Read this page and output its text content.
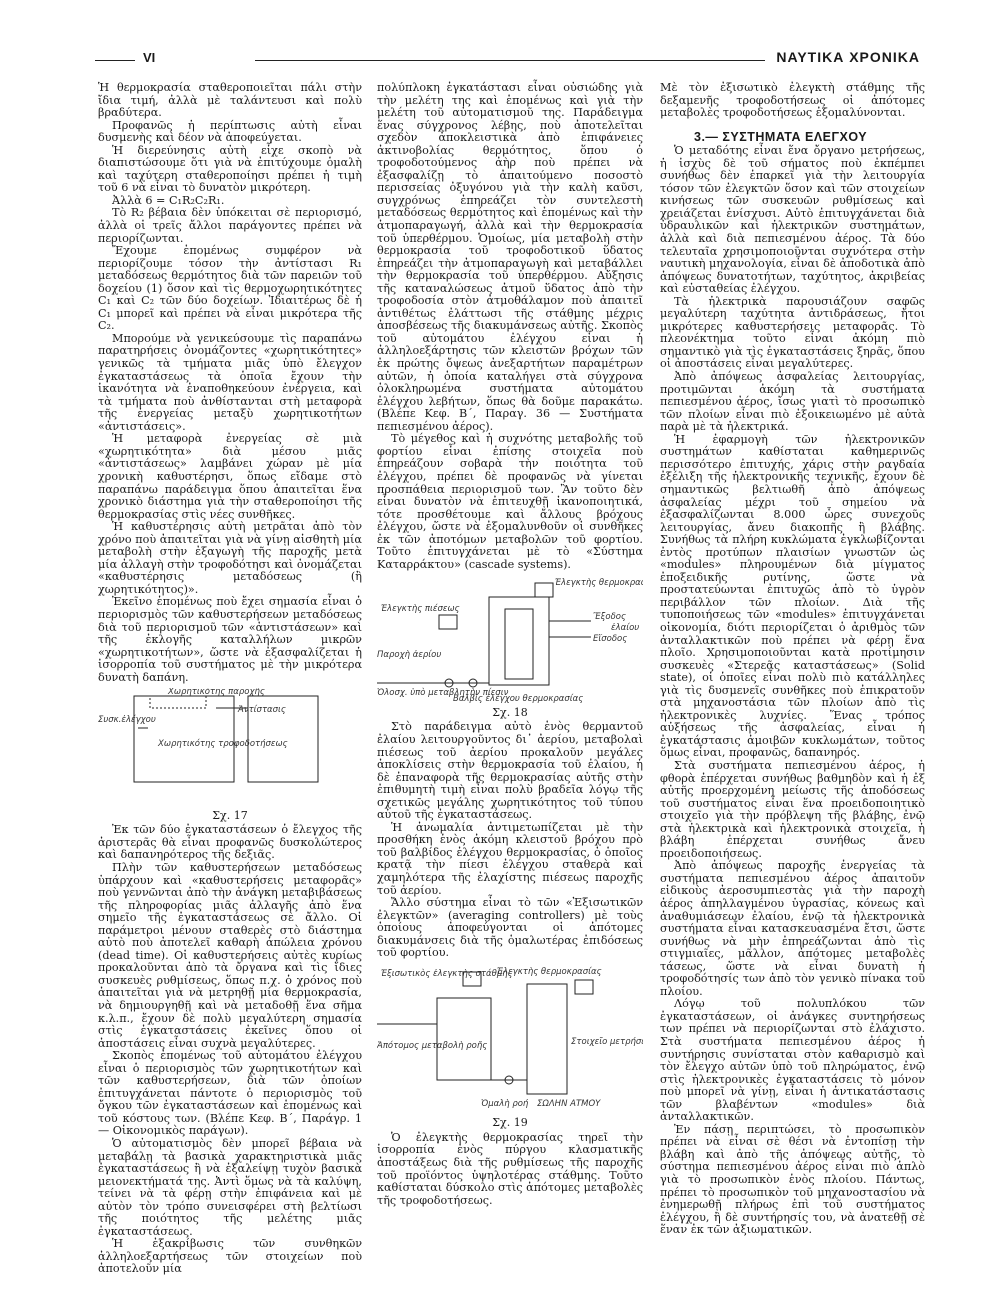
VI	ΝΑΥΤΙΚΑ ΧΡΟΝΙΚΑ

Ἡ θερμοκρασία σταθεροποιεῖται πάλι στὴν ἴδια τιμή, ἀλλὰ μὲ ταλάντευσι καὶ πολὺ βραδύτερα.

Προφανῶς ἡ περίπτωσις αὐτὴ εἶναι δυσμενὴς καὶ δέον νὰ ἀποφεύγεται.

Ἡ διερεύνησις αὐτὴ εἶχε σκοπὸ νὰ διαπιστώσουμε ὅτι γιὰ νὰ ἐπιτύχουμε ὁμαλὴ καὶ ταχύτερη σταθεροποίησι πρέπει ἡ τιμὴ τοῦ 6 νὰ εἶναι τὸ δυνατὸν μικρότερη.

Ἀλλὰ 6 = C₁R₂C₂R₁.

Τὸ R₂ βέβαια δὲν ὑπόκειται σὲ περιορισμό, ἀλλὰ οἱ τρεῖς ἄλλοι παράγοντες πρέπει νὰ περιορίζωνται.

Ἔχουμε ἑπομένως συμφέρον νὰ περιορίζουμε τόσον τὴν ἀντίστασι R₁ μεταδόσεως θερμότητος διὰ τῶν παρειῶν τοῦ δοχείου (1) ὅσον καὶ τὶς θερμοχωρητικότητες C₁ καὶ C₂ τῶν δύο δοχείων. Ἰδιαιτέρως δὲ ἡ C₁ μπορεῖ καὶ πρέπει νὰ εἶναι μικρότερα τῆς C₂.

Μπορούμε νὰ γενικεύσουμε τὶς παραπάνω παρατηρήσεις ὀνομάζοντες «χωρητικότητες» γενικῶς τὰ τμήματα μιᾶς ὑπὸ ἔλεγχον ἐγκαταστάσεως τὰ ὁποῖα ἔχουν τὴν ἱκανότητα νὰ ἐναποθηκεύουν ἐνέργεια, καὶ τὰ τμήματα ποὺ ἀνθίστανται στὴ μεταφορὰ τῆς ἐνεργείας μεταξὺ χωρητικοτήτων «ἀντιστάσεις».

Ἡ μεταφορὰ ἐνεργείας σὲ μιὰ «χωρητικότητα» διὰ μέσου μιᾶς «ἀντιστάσεως» λαμβάνει χώραν μὲ μία χρονικὴ καθυστέρησι, ὅπως εἴδαμε στὸ παραπάνω παράδειγμα ὅπου ἀπαιτεῖται ἕνα χρονικὸ διάστημα γιὰ τὴν σταθεροποίησι τῆς θερμοκρασίας στὶς νέες συνθῆκες.

Ἡ καθυστέρησις αὐτὴ μετρᾶται ἀπὸ τὸν χρόνο ποὺ ἀπαιτεῖται γιὰ νὰ γίνῃ αἰσθητὴ μία μεταβολὴ στὴν ἐξαγωγὴ τῆς παροχῆς μετὰ μία ἀλλαγὴ στὴν τροφοδότησι καὶ ὀνομάζεται «καθυστέρησις μεταδόσεως (ἢ χωρητικότητος)».

Ἐκεῖνο ἑπομένως ποὺ ἔχει σημασία εἶναι ὁ περιορισμὸς τῶν καθυστερήσεων μεταδόσεως διὰ τοῦ περιορισμοῦ τῶν «ἀντιστάσεων» καὶ τῆς ἐκλογῆς καταλλήλων μικρῶν «χωρητικοτήτων», ὥστε νὰ ἐξασφαλίζεται ἡ ἰσορροπία τοῦ συστήματος μὲ τὴν μικρότερα δυνατὴ δαπάνη.

Χωρητικότης παροχῆς
Ἀντίστασις
Συσκ.ἐλέγχου
Χωρητικότης τροφοδοτήσεως
Σχ. 17

Ἐκ τῶν δύο ἐγκαταστάσεων ὁ ἔλεγχος τῆς ἀριστερᾶς θὰ εἶναι προφανῶς δυσκολώτερος καὶ δαπανηρότερος τῆς δεξιᾶς.

Πλὴν τῶν καθυστερήσεων μεταδόσεως ὑπάρχουν καὶ «καθυστερήσεις μεταφορᾶς» ποὺ γεννῶνται ἀπὸ τὴν ἀνάγκη μεταβιβάσεως τῆς πληροφορίας μιᾶς ἀλλαγῆς ἀπὸ ἕνα σημεῖο τῆς ἐγκαταστάσεως σὲ ἄλλο. Οἱ παράμετροι μένουν σταθερὲς στὸ διάστημα αὐτὸ ποὺ ἀποτελεῖ καθαρὴ ἀπώλεια χρόνου (dead time). Οἱ καθυστερήσεις αὐτὲς κυρίως προκαλοῦνται ἀπὸ τὰ ὄργανα καὶ τὶς ἴδιες συσκευὲς ρυθμίσεως, ὅπως π.χ. ὁ χρόνος ποὺ ἀπαιτεῖται γιὰ νὰ μετρηθῇ μία θερμοκρασία, νὰ δημιουργηθῇ καὶ νὰ μεταδοθῇ ἕνα σῆμα κ.λ.π., ἔχουν δὲ πολὺ μεγαλύτερη σημασία στὶς ἐγκαταστάσεις ἐκεῖνες ὅπου οἱ ἀποστάσεις εἶναι συχνὰ μεγαλύτερες.

Σκοπὸς ἑπομένως τοῦ αὐτομάτου ἐλέγχου εἶναι ὁ περιορισμὸς τῶν χωρητικοτήτων καὶ τῶν καθυστερήσεων, διὰ τῶν ὁποίων ἐπιτυγχάνεται πάντοτε ὁ περιορισμὸς τοῦ ὄγκου τῶν ἐγκαταστάσεων καὶ ἑπομένως καὶ τοῦ κόστους των. (Βλέπε Κεφ. Β΄, Παράγρ. 1 — Οἰκονομικὸς παράγων).

Ὁ αὐτοματισμὸς δὲν μπορεῖ βέβαια νὰ μεταβάλῃ τὰ βασικὰ χαρακτηριστικὰ μιᾶς ἐγκαταστάσεως ἢ νὰ ἐξαλείψῃ τυχὸν βασικὰ μειονεκτήματά της. Ἀντὶ ὅμως νὰ τὰ καλύψη, τείνει νὰ τὰ φέρῃ στὴν ἐπιφάνεια καὶ μὲ αὐτὸν τὸν τρόπο συνεισφέρει στὴ βελτίωσι τῆς ποιότητος τῆς μελέτης μιᾶς ἐγκαταστάσεως.

Ἡ ἐξακρίβωσις τῶν συνθηκῶν ἀλληλοεξαρτήσεως τῶν στοιχείων ποὺ ἀποτελοῦν μία

πολύπλοκη ἐγκατάστασι εἶναι οὐσιώδης γιὰ τὴν μελέτη της καὶ ἑπομένως καὶ γιὰ τὴν μελέτη τοῦ αὐτοματισμοῦ της. Παράδειγμα ἕνας σύγχρονος λέβης, ποὺ ἀποτελεῖται σχεδὸν ἀποκλειστικὰ ἀπὸ ἐπιφάνειες ἀκτινοβολίας θερμότητος, ὅπου ὁ τροφοδοτούμενος ἀὴρ ποὺ πρέπει νὰ ἐξασφαλίζῃ τὸ ἀπαιτούμενο ποσοστὸ περισσείας ὀξυγόνου γιὰ τὴν καλὴ καῦσι, συγχρόνως ἐπηρεάζει τὸν συντελεστὴ μεταδόσεως θερμότητος καὶ ἑπομένως καὶ τὴν ἀτμοπαραγωγή, ἀλλὰ καὶ τὴν θερμοκρασία τοῦ ὑπερθέρμου. Ὁμοίως, μία μεταβολὴ στὴν θερμοκρασία τοῦ τροφοδοτικοῦ ὕδατος ἐπηρεάζει τὴν ἀτμοπαραγωγὴ καὶ μεταβάλλει τὴν θερμοκρασία τοῦ ὑπερθέρμου. Αὔξησις τῆς καταναλώσεως ἀτμοῦ ὕδατος ἀπὸ τὴν τροφοδοσία στὸν ἀτμοθάλαμον ποὺ ἀπαιτεῖ ἀντιθέτως ἐλάττωσι τῆς στάθμης μέχρις ἀποσβέσεως τῆς διακυμάνσεως αὐτῆς. Σκοπὸς τοῦ αὐτομάτου ἐλέγχου εἶναι ἡ ἀλληλοεξάρτησις τῶν κλειστῶν βρόχων τῶν ἐκ πρώτης ὄψεως ἀνεξαρτήτων παραμέτρων αὐτῶν, ἡ ὁποία καταλήγει στὰ σύγχρονα ὁλοκληρωμένα συστήματα αὐτομάτου ἐλέγχου λεβήτων, ὅπως θὰ δοῦμε παρακάτω. (Βλέπε Κεφ. Β΄, Παραγ. 36 — Συστήματα πεπιεσμένου ἀέρος).

Τὸ μέγεθος καὶ ἡ συχνότης μεταβολῆς τοῦ φορτίου εἶναι ἐπίσης στοιχεῖα ποὺ ἐπηρεάζουν σοβαρὰ τὴν ποιότητα τοῦ ἐλέγχου, πρέπει δὲ προφανῶς νὰ γίνεται προσπάθεια περιορισμοῦ των. Ἂν τοῦτο δὲν εἶναι δυνατὸν νὰ ἐπιτευχθῇ ἱκανοποιητικά, τότε προσθέτουμε καὶ ἄλλους βρόχους ἐλέγχου, ὥστε νὰ ἐξομαλυνθοῦν οἱ συνθῆκες ἐκ τῶν ἀποτόμων μεταβολῶν τοῦ φορτίου. Τοῦτο ἐπιτυγχάνεται μὲ τὸ «Σύστημα Καταρράκτου» (cascade systems).

Ἐλεγκτὴς θερμοκρα
Ἐλεγκτὴς πιέσεως
Ἔξοδος
Εἴσοδος
ἐλαίου
Παροχὴ ἀερίου
Ὁλοσχ. ὑπὸ μεταβλητὴν πίεσιν
Βαλβὶς ἐλέγχου θερμοκρασίας
Σχ. 18

Στὸ παράδειγμα αὐτὸ ἑνὸς θερμαντοῦ ἐλαίου λειτουργοῦντος δι᾽ ἀερίου, μεταβολαὶ πιέσεως τοῦ ἀερίου προκαλοῦν μεγάλες ἀποκλίσεις στὴν θερμοκρασία τοῦ ἐλαίου, ἡ δὲ ἐπαναφορὰ τῆς θερμοκρασίας αὐτῆς στὴν ἐπιθυμητὴ τιμὴ εἶναι πολὺ βραδεῖα λόγῳ τῆς σχετικῶς μεγάλης χωρητικότητος τοῦ τύπου αὐτοῦ τῆς ἐγκαταστάσεως.

Ἡ ἀνωμαλία ἀντιμετωπίζεται μὲ τὴν προσθήκη ἑνὸς ἀκόμη κλειστοῦ βρόχου πρὸ τοῦ βαλβίδος ἐλέγχου θερμοκρασίας, ὁ ὁποῖος κρατᾷ τὴν πίεσι ἐλέγχου σταθερὰ καὶ χαμηλότερα τῆς ἐλαχίστης πιέσεως παροχῆς τοῦ ἀερίου.

Ἄλλο σύστημα εἶναι τὸ τῶν «Ἐξισωτικῶν ἐλεγκτῶν» (averaging controllers) μὲ τοὺς ὁποίους ἀποφεύγονται οἱ ἀπότομες διακυμάνσεις διὰ τῆς ὁμαλωτέρας ἐπιδόσεως τοῦ φορτίου.

Ἐλεγκτὴς θερμοκρασίας
Ἐξισωτικὸς ἐλεγκτὴς στάθμης
Ἀπότομος μεταβολὴ ροῆς	Στοιχεῖο μετρήσ
Ὁμαλὴ ροή ΣΩΛΗΝ ΑΤΜΟΥ
Σχ. 19

Ὁ ἐλεγκτὴς θερμοκρασίας τηρεῖ τὴν ἰσορροπία ἑνὸς πύργου κλασματικῆς ἀποστάξεως διὰ τῆς ρυθμίσεως τῆς παροχῆς τοῦ προϊόντος ὑψηλοτέρας στάθμης. Τοῦτο καθίσταται δύσκολο στὶς ἀπότομες μεταβολὲς τῆς τροφοδοτήσεως.

Μὲ τὸν ἐξισωτικὸ ἐλεγκτὴ στάθμης τῆς δεξαμενῆς τροφοδοτήσεως οἱ ἀπότομες μεταβολὲς τροφοδοτήσεως ἐξομαλύνονται.

3.— ΣΥΣΤΗΜΑΤΑ ΕΛΕΓΧΟΥ

Ὁ μεταδότης εἶναι ἕνα ὄργανο μετρήσεως, ἡ ἰσχὺς δὲ τοῦ σήματος ποὺ ἐκπέμπει συνήθως δὲν ἐπαρκεῖ γιὰ τὴν λειτουργία τόσον τῶν ἐλεγκτῶν ὅσον καὶ τῶν στοιχείων κινήσεως τῶν συσκευῶν ρυθμίσεως καὶ χρειάζεται ἐνίσχυσι. Αὐτὸ ἐπιτυγχάνεται διὰ ὑδραυλικῶν καὶ ἠλεκτρικῶν συστημάτων, ἀλλὰ καὶ διὰ πεπιεσμένου ἀέρος. Τὰ δύο τελευταῖα χρησιμοποιοῦνται συχνότερα στὴν ναυτικὴ μηχανολογία, εἶναι δὲ ἀποδοτικὰ ἀπὸ ἀπόψεως δυνατοτήτων, ταχύτητος, ἀκριβείας καὶ εὐσταθείας ἐλέγχου.

Τὰ ἠλεκτρικὰ παρουσιάζουν σαφῶς μεγαλύτερη ταχύτητα ἀντιδράσεως, ἤτοι μικρότερες καθυστερήσεις μεταφορᾶς. Τὸ πλεονέκτημα τοῦτο εἶναι ἀκόμη πιὸ σημαντικὸ γιὰ τὶς ἐγκαταστάσεις ξηρᾶς, ὅπου οἱ ἀποστάσεις εἶναι μεγαλύτερες.

Ἀπὸ ἀπόψεως ἀσφαλείας λειτουργίας, προτιμῶνται ἀκόμη τὰ συστήματα πεπιεσμένου ἀέρος, ἴσως γιατὶ τὸ προσωπικὸ τῶν πλοίων εἶναι πιὸ ἐξοικειωμένο μὲ αὐτὰ παρὰ μὲ τὰ ἠλεκτρικά.

Ἡ ἐφαρμογὴ τῶν ἠλεκτρονικῶν συστημάτων καθίσταται καθημερινῶς περισσότερο ἐπιτυχής, χάρις στὴν ραγδαία ἐξέλιξη τῆς ἠλεκτρονικῆς τεχνικῆς, ἔχουν δὲ σημαντικῶς βελτιωθῆ ἀπὸ ἀπόψεως ἀσφαλείας μέχρι τοῦ σημείου νὰ ἐξασφαλίζωνται 8.000 ὧρες συνεχοῦς λειτουργίας, ἄνευ διακοπῆς ἢ βλάβης. Συνήθως τὰ πλήρη κυκλώματα ἐγκλωβίζονται ἐντὸς προτύπων πλαισίων γνωστῶν ὡς «modules» πληρουμένων διὰ μίγματος ἐποξειδικῆς ρυτίνης, ὥστε νὰ προστατεύωνται ἐπιτυχῶς ἀπὸ τὸ ὑγρὸν περιβάλλον τῶν πλοίων. Διὰ τῆς τυποποιήσεως τῶν «modules» ἐπιτυγχάνεται οἰκονομία, διότι περιορίζεται ὁ ἀριθμὸς τῶν ἀνταλλακτικῶν ποὺ πρέπει νὰ φέρῃ ἕνα πλοῖο. Χρησιμοποιοῦνται κατὰ προτίμησιν συσκευὲς «Στερεᾶς καταστάσεως» (Solid state), οἱ ὁποῖες εἶναι πολὺ πιὸ κατάλληλες γιὰ τὶς δυσμενεῖς συνθῆκες ποὺ ἐπικρατοῦν στὰ μηχανοστάσια τῶν πλοίων ἀπὸ τὶς ἠλεκτρονικὲς λυχνίες. Ἕνας τρόπος αὐξήσεως τῆς ἀσφαλείας, εἶναι ἡ ἐγκατάστασις ἀμοιβῶν κυκλωμάτων, τοῦτος ὅμως εἶναι, προφανῶς, δαπανηρός.

Στὰ συστήματα πεπιεσμένου ἀέρος, ἡ φθορὰ ἐπέρχεται συνήθως βαθμηδὸν καὶ ἡ ἐξ αὐτῆς προερχομένη μείωσις τῆς ἀποδόσεως τοῦ συστήματος εἶναι ἕνα προειδοποιητικὸ στοιχεῖο γιὰ τὴν πρόβλεψη τῆς βλάβης, ἐνῷ στὰ ἠλεκτρικὰ καὶ ἠλεκτρονικὰ στοιχεῖα, ἡ βλάβη ἐπέρχεται συνήθως ἄνευ προειδοποιήσεως.

Ἀπὸ ἀπόψεως παροχῆς ἐνεργείας τὰ συστήματα πεπιεσμένου ἀέρος ἀπαιτοῦν εἰδικοὺς ἀεροσυμπιεστὰς γιὰ τὴν παροχὴ ἀέρος ἀπηλλαγμένου ὑγρασίας, κόνεως καὶ ἀναθυμιάσεων ἐλαίου, ἐνῷ τὰ ἠλεκτρονικὰ συστήματα εἶναι κατασκευασμένα ἔτσι, ὥστε συνήθως νὰ μὴν ἐπηρεάζωνται ἀπὸ τὶς στιγμιαῖες, μᾶλλον, ἀπότομες μεταβολὲς τάσεως, ὥστε νὰ εἶναι δυνατὴ ἡ τροφοδότησίς των ἀπὸ τὸν γενικὸ πίνακα τοῦ πλοίου.

Λόγῳ τοῦ πολυπλόκου τῶν ἐγκαταστάσεων, οἱ ἀνάγκες συντηρήσεως των πρέπει νὰ περιορίζωνται στὸ ἐλάχιστο. Στὰ συστήματα πεπιεσμένου ἀέρος ἡ συντήρησις συνίσταται στὸν καθαρισμὸ καὶ τὸν ἔλεγχο αὐτῶν ὑπὸ τοῦ πληρώματος, ἐνῷ στὶς ἠλεκτρονικὲς ἐγκαταστάσεις τὸ μόνον ποὺ μπορεῖ νὰ γίνῃ, εἶναι ἡ ἀντικατάστασις τῶν βλαβέντων «modules» διὰ ἀνταλλακτικῶν.

Ἐν πάσῃ περιπτώσει, τὸ προσωπικὸν πρέπει νὰ εἶναι σὲ θέσι νὰ ἐντοπίσῃ τὴν βλάβη καὶ ἀπὸ τῆς ἀπόψεως αὐτῆς, τὸ σύστημα πεπιεσμένου ἀέρος εἶναι πιὸ ἁπλὸ γιὰ τὸ προσωπικὸν ἑνὸς πλοίου. Πάντως, πρέπει τὸ προσωπικὸν τοῦ μηχανοστασίου νὰ ἐνημερωθῇ πλήρως ἐπὶ τοῦ συστήματος ἐλέγχου, ἢ δὲ συντήρησίς του, νὰ ἀνατεθῇ σὲ ἕναν ἐκ τῶν ἀξιωματικῶν.
